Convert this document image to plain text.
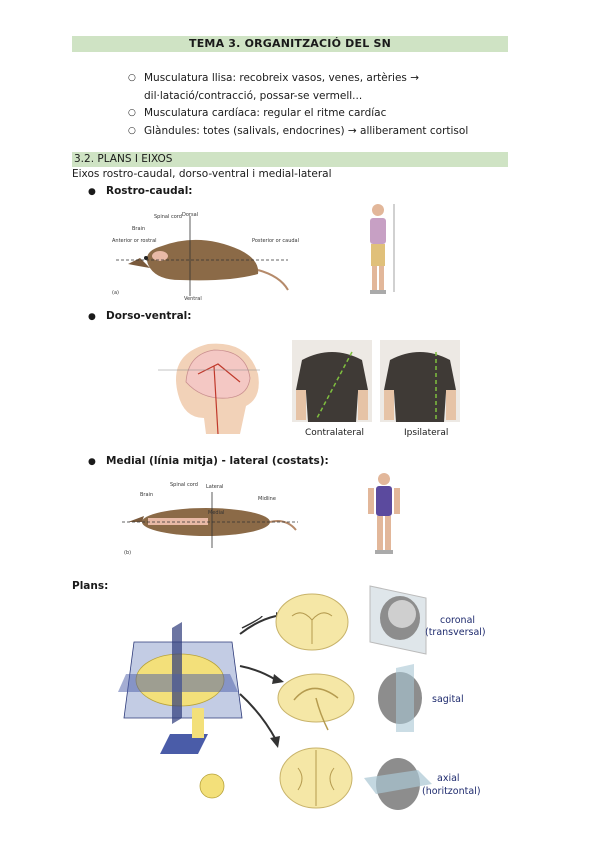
TEMA 3. ORGANITZACIÓ DEL SN
○ Musculatura llisa: recobreix vasos, venes, artèries →
dil·latació/contracció, possar-se vermell...
○ Musculatura cardíaca: regular el ritme cardíac
○ Glàndules: totes (salivals, endocrines) → alliberament cortisol
3.2. PLANS I EIXOS
Eixos rostro-caudal, dorso-ventral i medial-lateral
● Rostro-caudal:
Dorsal
Spinal cord
Brain
Anterior or rostral	Posterior or caudal
Ventral
(a)
● Dorso-ventral:
Contralateral	Ipsilateral
● Medial (línia mitja) - lateral (costats):
Spinal cord Lateral
Brain
Medial
Midline
(b)
Plans:
coronal
(transversal)
sagital
axial
(horitzontal)
